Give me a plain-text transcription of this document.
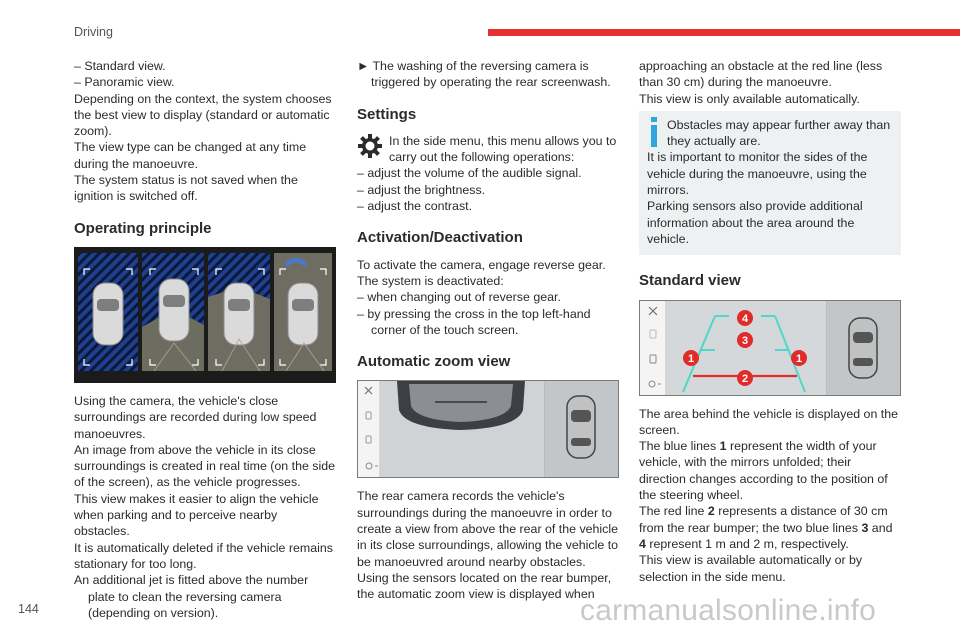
Driving

– Standard view.

– Panoramic view.

Depending on the context, the system chooses the best view to display (standard or automatic zoom).

The view type can be changed at any time during the manoeuvre.

The system status is not saved when the ignition is switched off.

Operating principle

Using the camera, the vehicle's close surroundings are recorded during low speed manoeuvres.

An image from above the vehicle in its close surroundings is created in real time (on the side of the screen), as the vehicle progresses.

This view makes it easier to align the vehicle when parking and to perceive nearby obstacles.

It is automatically deleted if the vehicle remains stationary for too long.

An additional jet is fitted above the number plate to clean the reversing camera (depending on version).

► The washing of the reversing camera is triggered by operating the rear screenwash.

Settings

In the side menu, this menu allows you to carry out the following operations:

– adjust the volume of the audible signal.

– adjust the brightness.

– adjust the contrast.

Activation/Deactivation

To activate the camera, engage reverse gear.

The system is deactivated:

– when changing out of reverse gear.

– by pressing the cross in the top left-hand corner of the touch screen.

Automatic zoom view

The rear camera records the vehicle's surroundings during the manoeuvre in order to create a view from above the rear of the vehicle in its close surroundings, allowing the vehicle to be manoeuvred around nearby obstacles.

Using the sensors located on the rear bumper, the automatic zoom view is displayed when

approaching an obstacle at the red line (less than 30 cm) during the manoeuvre.

This view is only available automatically.

Obstacles may appear further away than they actually are.

It is important to monitor the sides of the vehicle during the manoeuvre, using the mirrors.

Parking sensors also provide additional information about the area around the vehicle.

Standard view
4
3
1	1
2

The area behind the vehicle is displayed on the screen.

The blue lines 1 represent the width of your vehicle, with the mirrors unfolded; their direction changes according to the position of the steering wheel.

The red line 2 represents a distance of 30 cm from the rear bumper; the two blue lines 3 and 4 represent 1 m and 2 m, respectively.

This view is available automatically or by selection in the side menu.

144	carmanualsonline.info
